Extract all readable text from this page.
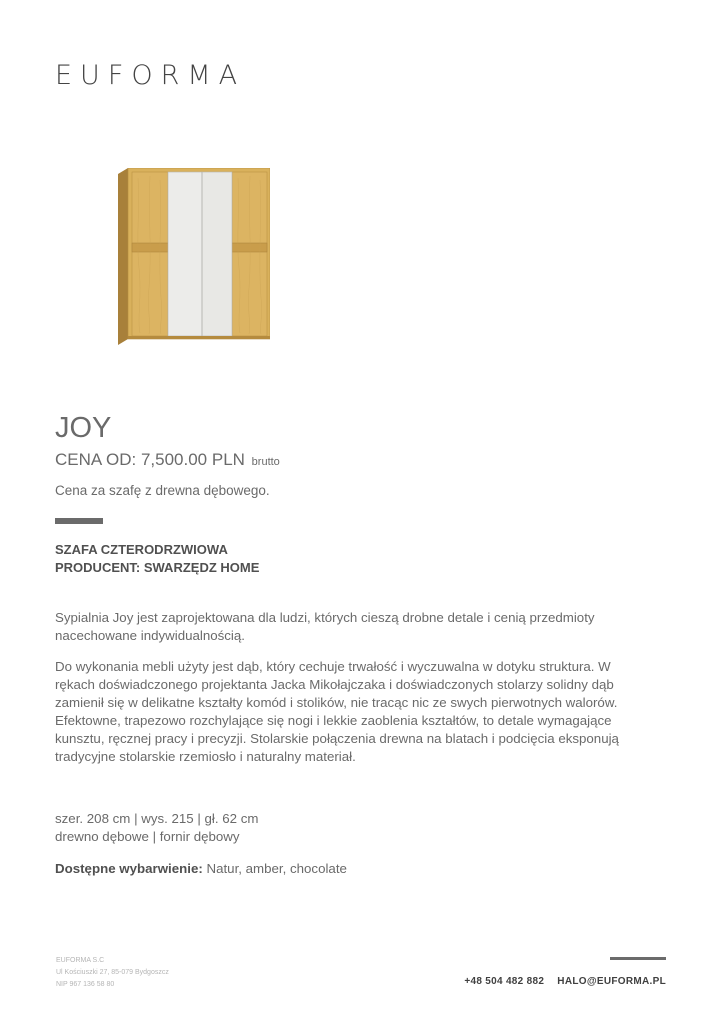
EUFORMA
JOY
CENA OD: 7,500.00 PLN brutto
Cena za szafę z drewna dębowego.
SZAFA CZTERODRZWIOWA
PRODUCENT: SWARZĘDZ HOME

Sypialnia Joy jest zaprojektowana dla ludzi, których cieszą drobne detale i cenią przedmioty nacechowane indywidualnością.

Do wykonania mebli użyty jest dąb, który cechuje trwałość i wyczuwalna w dotyku struktura. W rękach doświadczonego projektanta Jacka Mikołajczaka i doświadczonych stolarzy solidny dąb zamienił się w delikatne kształty komód i stolików, nie tracąc nic ze swych pierwotnych walorów. Efektowne, trapezowo rozchylające się nogi i lekkie zaoblenia kształtów, to detale wymagające kunsztu, ręcznej pracy i precyzji. Stolarskie połączenia drewna na blatach i podcięcia eksponują tradycyjne stolarskie rzemiosło i naturalny materiał.

szer. 208 cm | wys. 215 | gł. 62 cm
drewno dębowe | fornir dębowy
Dostępne wybarwienie: Natur, amber, chocolate
EUFORMA S.C
Ul Kościuszki 27, 85-079 Bydgoszcz
NIP 967 136 58 80	+48 504 482 882 HALO@EUFORMA.PL
